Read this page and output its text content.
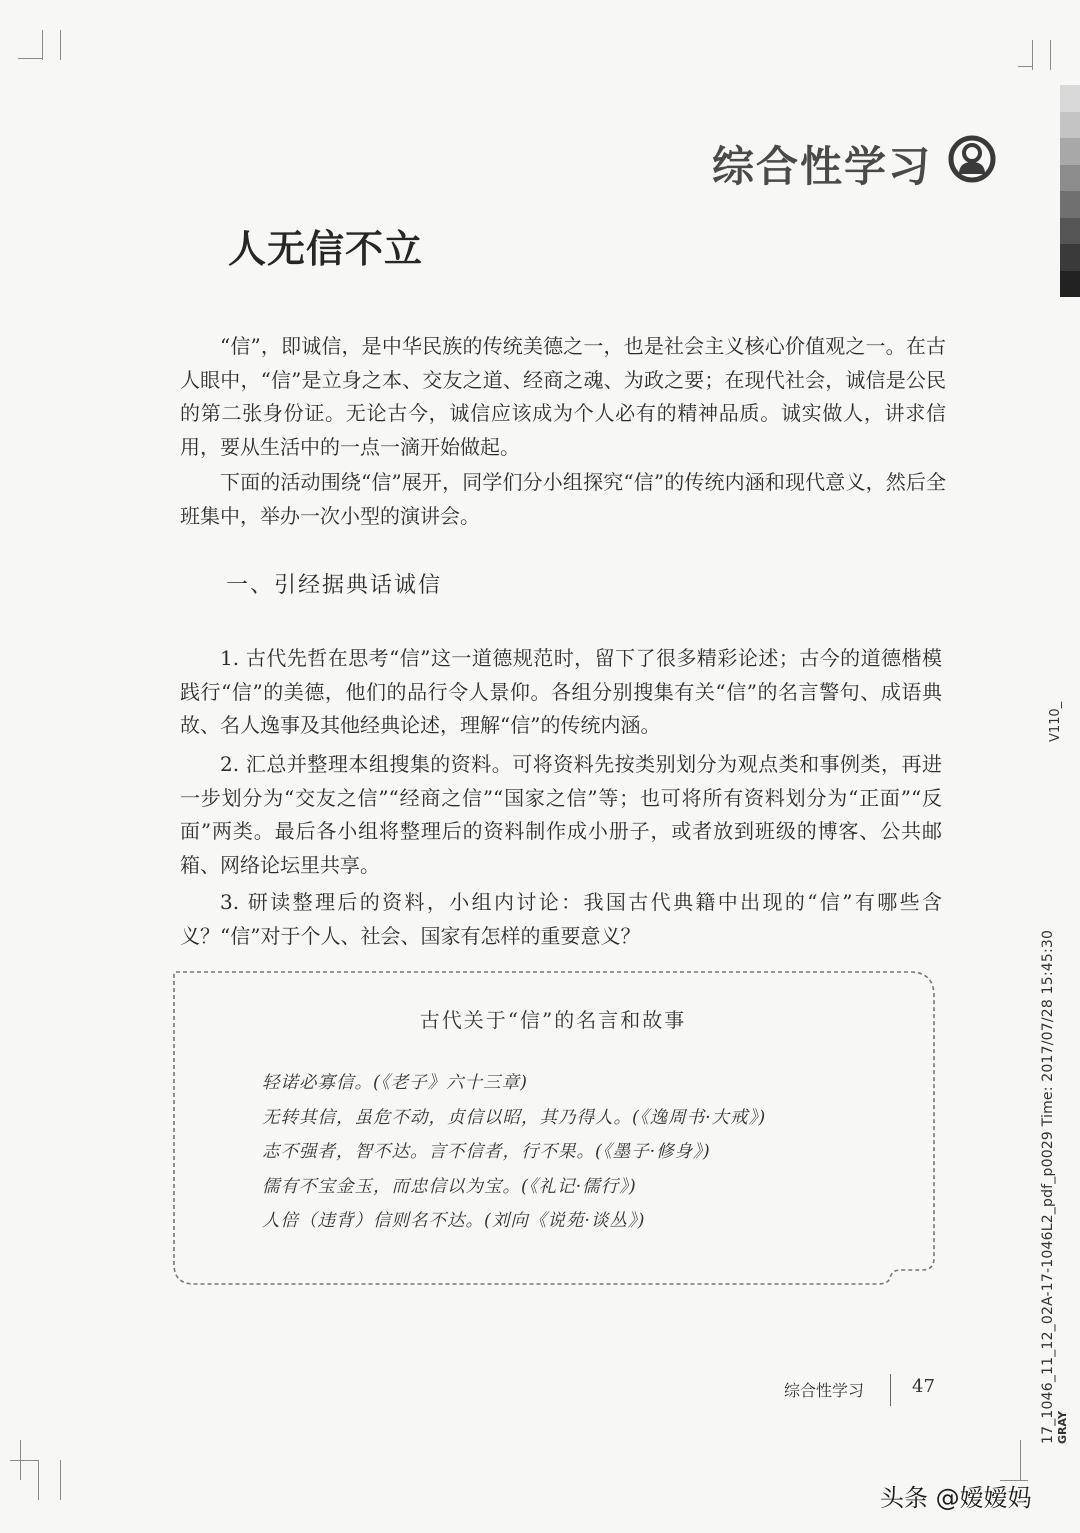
V110_
17_1046_11_12_02A-17-1046L2_pdf_p0029 Time: 2017/07/28 15:45:30 GRAY
综合性学习
人无信不立
“信”，即诚信，是中华民族的传统美德之一，也是社会主义核心价值观之一。在古人眼中，“信”是立身之本、交友之道、经商之魂、为政之要；在现代社会，诚信是公民的第二张身份证。无论古今，诚信应该成为个人必有的精神品质。诚实做人，讲求信用，要从生活中的一点一滴开始做起。
下面的活动围绕“信”展开，同学们分小组探究“信”的传统内涵和现代意义，然后全班集中，举办一次小型的演讲会。
一、引经据典话诚信
1. 古代先哲在思考“信”这一道德规范时，留下了很多精彩论述；古今的道德楷模践行“信”的美德，他们的品行令人景仰。各组分别搜集有关“信”的名言警句、成语典故、名人逸事及其他经典论述，理解“信”的传统内涵。
2. 汇总并整理本组搜集的资料。可将资料先按类别划分为观点类和事例类，再进一步划分为“交友之信”“经商之信”“国家之信”等；也可将所有资料划分为“正面”“反面”两类。最后各小组将整理后的资料制作成小册子，或者放到班级的博客、公共邮箱、网络论坛里共享。
3. 研读整理后的资料，小组内讨论：我国古代典籍中出现的“信”有哪些含义？“信”对于个人、社会、国家有怎样的重要意义？
古代关于“信”的名言和故事
轻诺必寡信。(《老子》六十三章)
无转其信，虽危不动，贞信以昭，其乃得人。(《逸周书·大戒》)
志不强者，智不达。言不信者，行不果。(《墨子·修身》)
儒有不宝金玉，而忠信以为宝。(《礼记·儒行》)
人倍（违背）信则名不达。(刘向《说苑·谈丛》)
综合性学习	47
头条 @嫒嫒妈
